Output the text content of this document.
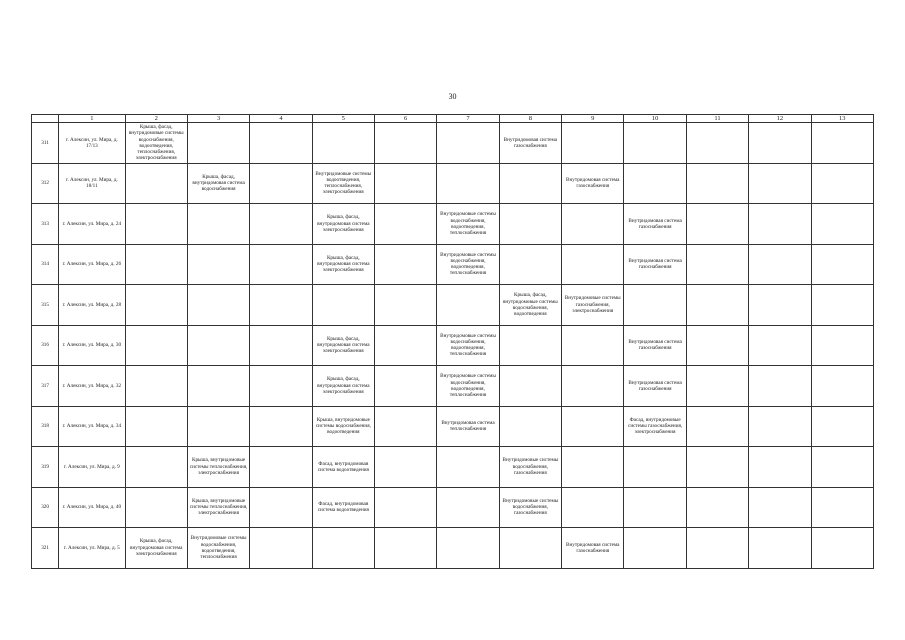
30
	1	2	3	4	5	6	7	8	9	10	11	12	13
311	г. Алексин, ул. Мира, д. 17/13	Крыша, фасад, внутридомовые системы водоснабжения, водоотведения, теплоснабжения, электроснабжения						Внутридомовая система газоснабжения					

312	г. Алексин, ул. Мира, д. 18/11		Крыша, фасад, внутридомовая система водоснабжения		Внутридомовые системы водоотведения, теплоснабжения, электроснабжения				Внутридомовая система газоснабжения				

313	г. Алексин, ул. Мира, д. 24				Крыша, фасад, внутридомовая система электроснабжения		Внутридомовые системы водоснабжения, водоотведения, теплоснабжения			Внутридомовая система газоснабжения			

314	г. Алексин, ул. Мира, д. 26				Крыша, фасад, внутридомовая система электроснабжения		Внутридомовые системы водоснабжения, водоотведения, теплоснабжения			Внутридомовая система газоснабжения			

315	г. Алексин, ул. Мира, д. 28							Крыша, фасад, внутридомовые системы водоснабжения, водоотведения	Внутридомовые системы газоснабжения, электроснабжения				

316	г. Алексин, ул. Мира, д. 30				Крыша, фасад, внутридомовая система электроснабжения		Внутридомовые системы водоснабжения, водоотведения, теплоснабжения			Внутридомовая система газоснабжения			

317	г. Алексин, ул. Мира, д. 32				Крыша, фасад, внутридомовая система электроснабжения		Внутридомовые системы водоснабжения, водоотведения, теплоснабжения			Внутридомовая система газоснабжения			

318	г. Алексин, ул. Мира, д. 34				Крыша, внутридомовые системы водоснабжения, водоотведения		Внутридомовая система теплоснабжения			Фасад, внутридомовые системы газоснабжения, электроснабжения			

319	г. Алексин, ул. Мира, д. 9		Крыша, внутридомовые системы теплоснабжения, электроснабжения		Фасад, внутридомовая система водоотведения			Внутридомовые системы водоснабжения, газоснабжения					

320	г. Алексин, ул. Мира, д. 40		Крыша, внутридомовые системы теплоснабжения, электроснабжения		Фасад, внутридомовая система водоотведения			Внутридомовые системы водоснабжения, газоснабжения					

321	г. Алексин, ул. Мира, д. 5	Крыша, фасад, внутридомовая система электроснабжения	Внутридомовые системы водоснабжения, водоотведения, теплоснабжения						Внутридомовая система газоснабжения				
